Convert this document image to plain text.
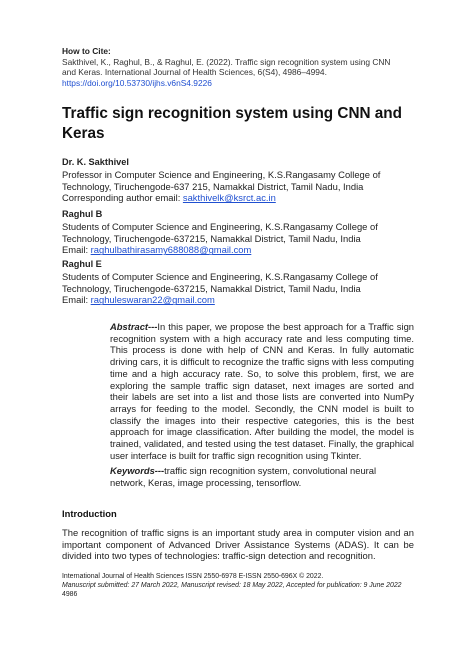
How to Cite:
Sakthivel, K., Raghul, B., & Raghul, E. (2022). Traffic sign recognition system using CNN
and Keras. International Journal of Health Sciences, 6(S4), 4986–4994.
https://doi.org/10.53730/ijhs.v6nS4.9226
Traffic sign recognition system using CNN and
Keras
Dr. K. Sakthivel
Professor in Computer Science and Engineering, K.S.Rangasamy College of
Technology, Tiruchengode-637 215, Namakkal District, Tamil Nadu, India
Corresponding author email: sakthivelk@ksrct.ac.in
Raghul B
Students of Computer Science and Engineering, K.S.Rangasamy College of
Technology, Tiruchengode-637215, Namakkal District, Tamil Nadu, India
Email: raghulbathirasamy688088@gmail.com
Raghul E
Students of Computer Science and Engineering, K.S.Rangasamy College of
Technology, Tiruchengode-637215, Namakkal District, Tamil Nadu, India
Email: raghuleswaran22@gmail.com
Abstract---In this paper, we propose the best approach for a Traffic sign recognition system with a high accuracy rate and less computing time. This process is done with help of CNN and Keras. In fully automatic driving cars, it is difficult to recognize the traffic signs with less computing time and a high accuracy rate. So, to solve this problem, first, we are exploring the sample traffic sign dataset, next images are sorted and their labels are set into a list and those lists are converted into NumPy arrays for feeding to the model. Secondly, the CNN model is built to classify the images into their respective categories, this is the best approach for image classification. After building the model, the model is trained, validated, and tested using the test dataset. Finally, the graphical user interface is built for traffic sign recognition using Tkinter.
Keywords---traffic sign recognition system, convolutional neural network, Keras, image processing, tensorflow.
Introduction
The recognition of traffic signs is an important study area in computer vision and an important component of Advanced Driver Assistance Systems (ADAS). It can be divided into two types of technologies: traffic-sign detection and recognition.
International Journal of Health Sciences ISSN 2550-6978 E-ISSN 2550-696X © 2022.
Manuscript submitted: 27 March 2022, Manuscript revised: 18 May 2022, Accepted for publication: 9 June 2022
4986
